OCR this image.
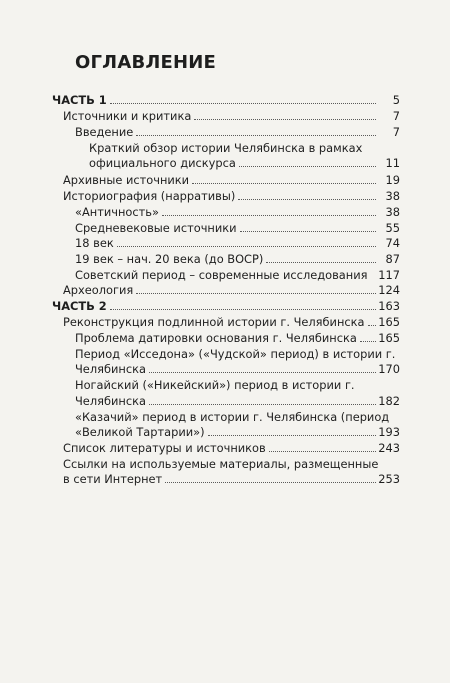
ОГЛАВЛЕНИЕ
ЧАСТЬ 1	5
Источники и критика	7
Введение	7
Краткий обзор истории Челябинска в рамках
официального дискурса	11
Архивные источники	19
Историография (нарративы)	38
«Античность»	38
Средневековые источники	55
18 век	74
19 век – нач. 20 века (до ВОСР)	87
Советский период – современные исследования 117
Археология	124
ЧАСТЬ 2	163
Реконструкция подлинной истории г. Челябинска	165
Проблема датировки основания г. Челябинска	165
Период «Исседона» («Чудской» период) в истории г.
Челябинска	170
Ногайский («Никейский») период в истории г.
Челябинска	182
«Казачий» период в истории г. Челябинска (период
«Великой Тартарии»)	193
Список литературы и источников	243
Ссылки на используемые материалы, размещенные
в сети Интернет	253
